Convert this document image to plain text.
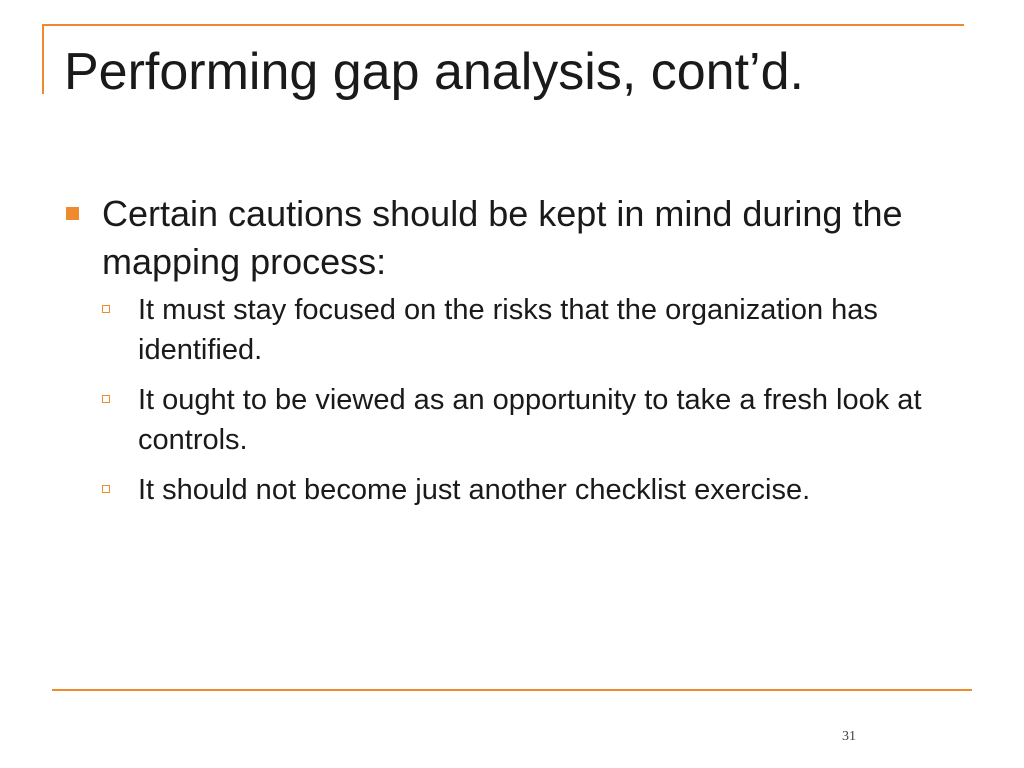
Performing gap analysis, cont’d.
Certain cautions should be kept in mind during the mapping process:
It must stay focused on the risks that the organization has identified.
It ought to be viewed as an opportunity to take a fresh look at controls.
It should not become just another checklist exercise.
31
